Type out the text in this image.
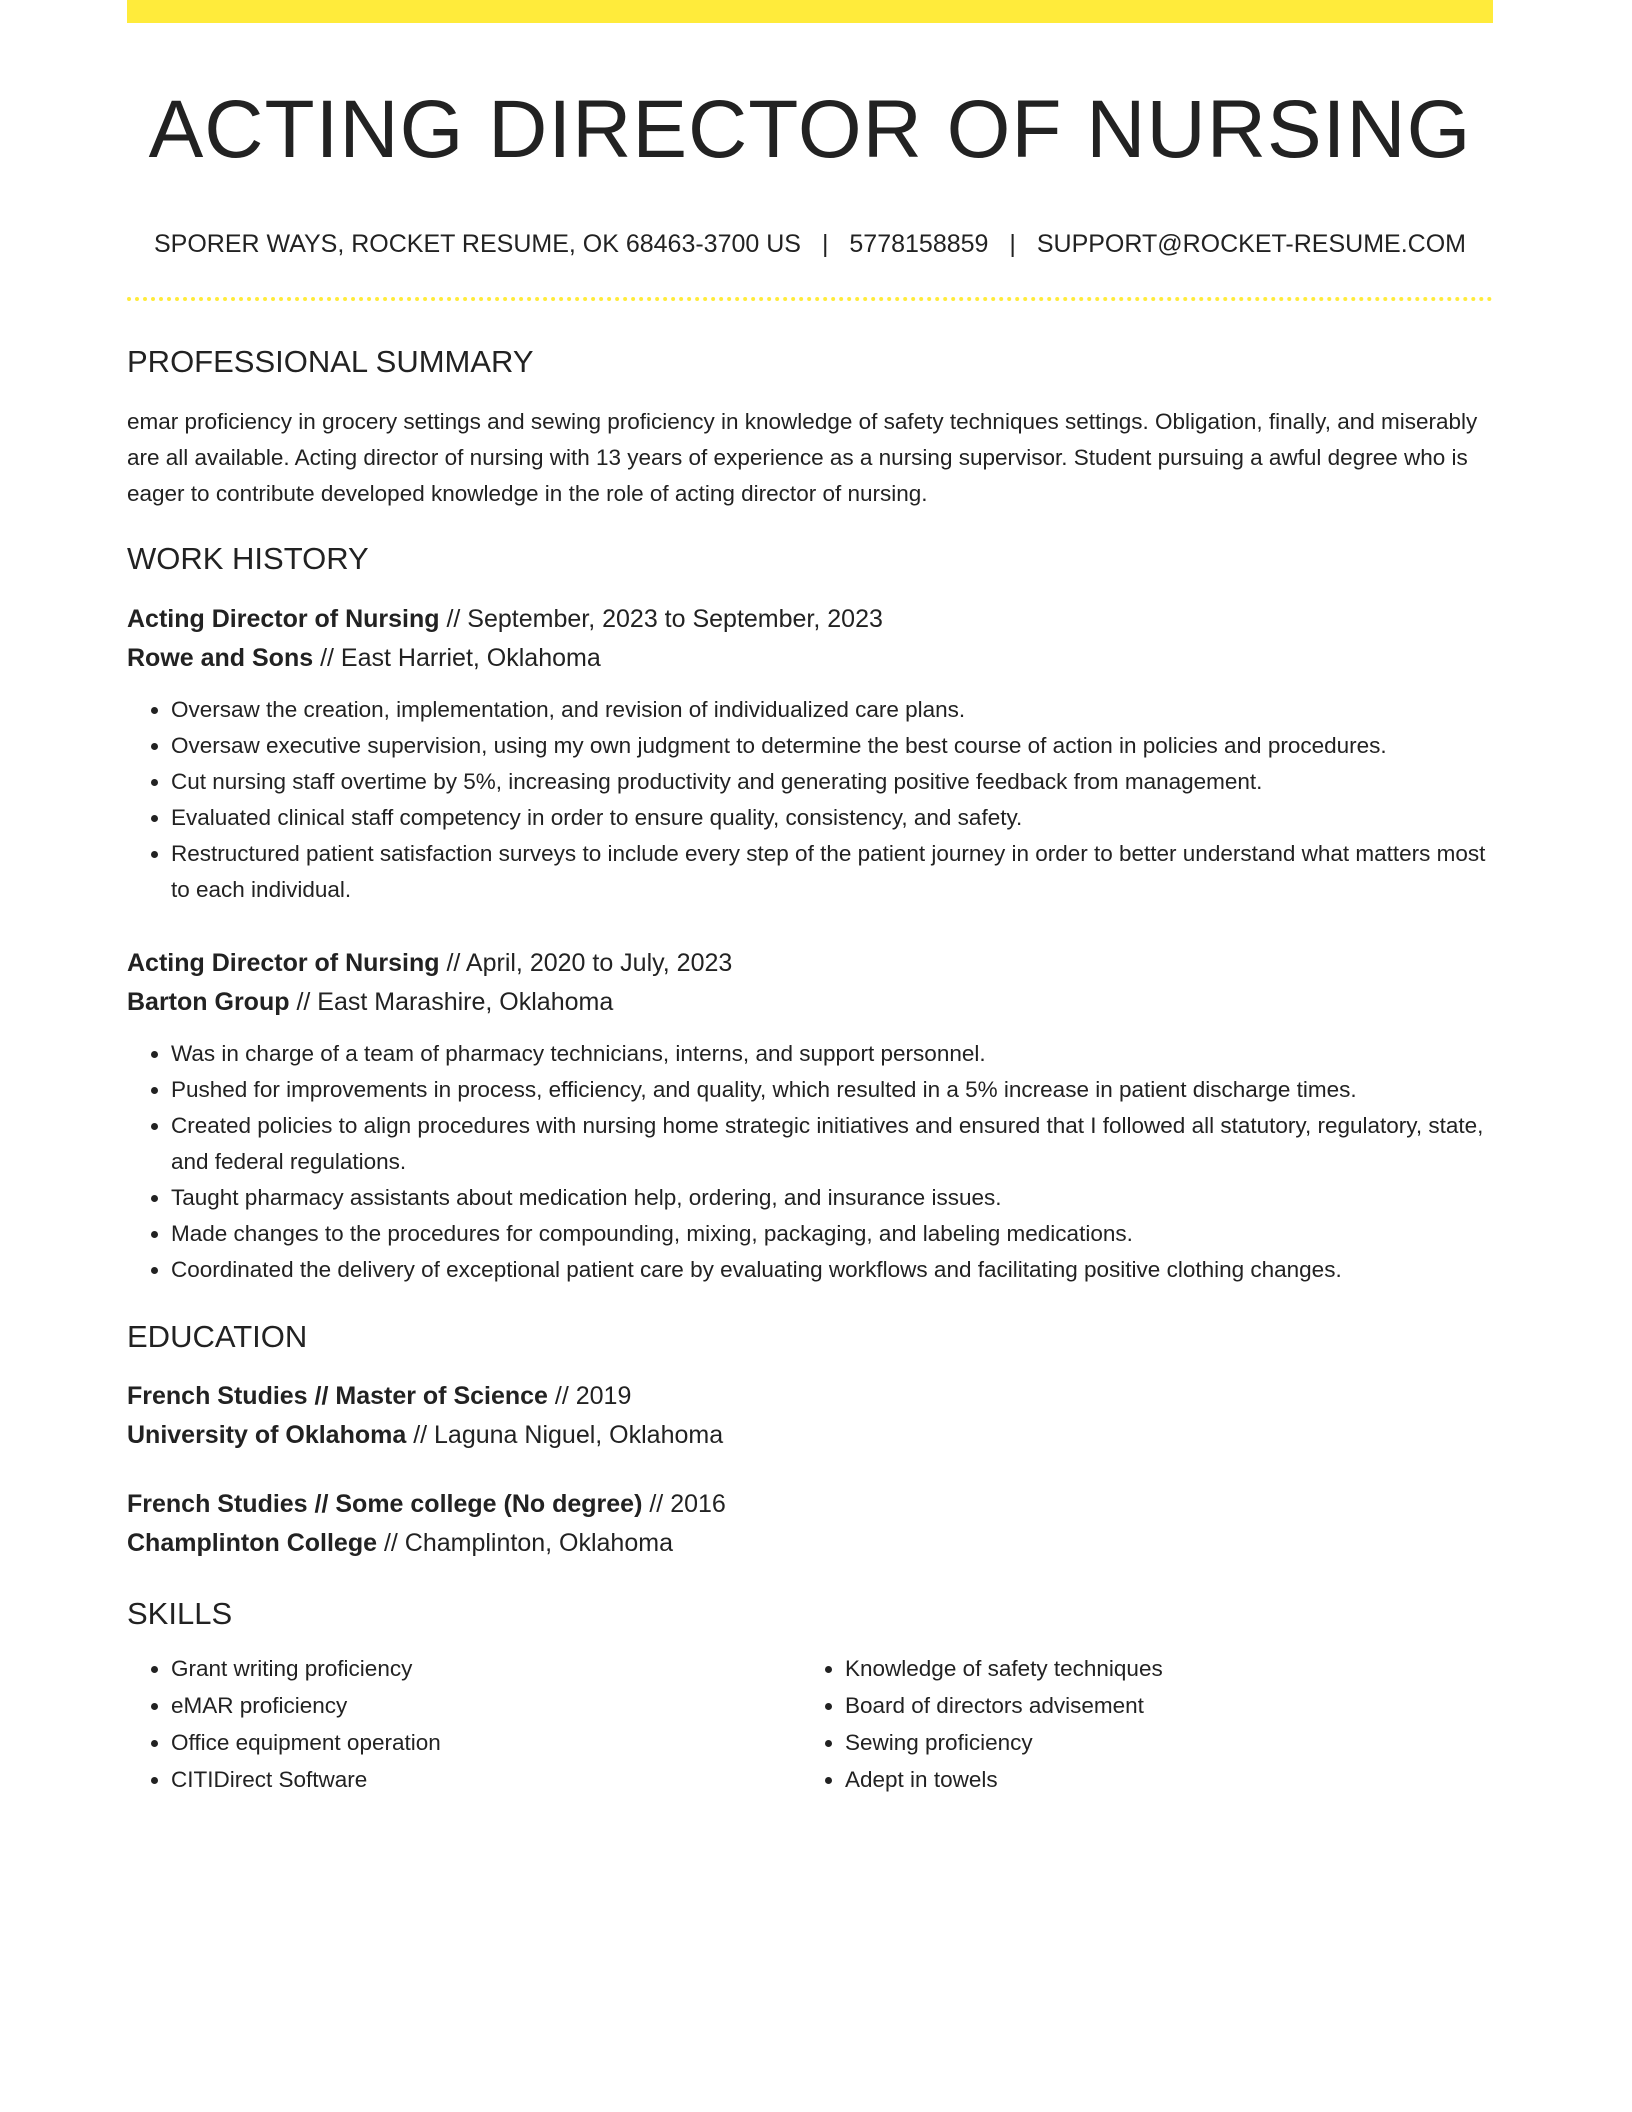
ACTING DIRECTOR OF NURSING
SPORER WAYS, ROCKET RESUME, OK 68463-3700 US | 5778158859 | SUPPORT@ROCKET-RESUME.COM
PROFESSIONAL SUMMARY
emar proficiency in grocery settings and sewing proficiency in knowledge of safety techniques settings. Obligation, finally, and miserably are all available. Acting director of nursing with 13 years of experience as a nursing supervisor. Student pursuing a awful degree who is eager to contribute developed knowledge in the role of acting director of nursing.
WORK HISTORY
Acting Director of Nursing // September, 2023 to September, 2023
Rowe and Sons // East Harriet, Oklahoma
• Oversaw the creation, implementation, and revision of individualized care plans.
• Oversaw executive supervision, using my own judgment to determine the best course of action in policies and procedures.
• Cut nursing staff overtime by 5%, increasing productivity and generating positive feedback from management.
• Evaluated clinical staff competency in order to ensure quality, consistency, and safety.
• Restructured patient satisfaction surveys to include every step of the patient journey in order to better understand what matters most to each individual.
Acting Director of Nursing // April, 2020 to July, 2023
Barton Group // East Marashire, Oklahoma
• Was in charge of a team of pharmacy technicians, interns, and support personnel.
• Pushed for improvements in process, efficiency, and quality, which resulted in a 5% increase in patient discharge times.
• Created policies to align procedures with nursing home strategic initiatives and ensured that I followed all statutory, regulatory, state, and federal regulations.
• Taught pharmacy assistants about medication help, ordering, and insurance issues.
• Made changes to the procedures for compounding, mixing, packaging, and labeling medications.
• Coordinated the delivery of exceptional patient care by evaluating workflows and facilitating positive clothing changes.
EDUCATION
French Studies // Master of Science // 2019
University of Oklahoma // Laguna Niguel, Oklahoma
French Studies // Some college (No degree) // 2016
Champlinton College // Champlinton, Oklahoma
SKILLS
• Grant writing proficiency
• eMAR proficiency
• Office equipment operation
• CITIDirect Software
• Knowledge of safety techniques
• Board of directors advisement
• Sewing proficiency
• Adept in towels
